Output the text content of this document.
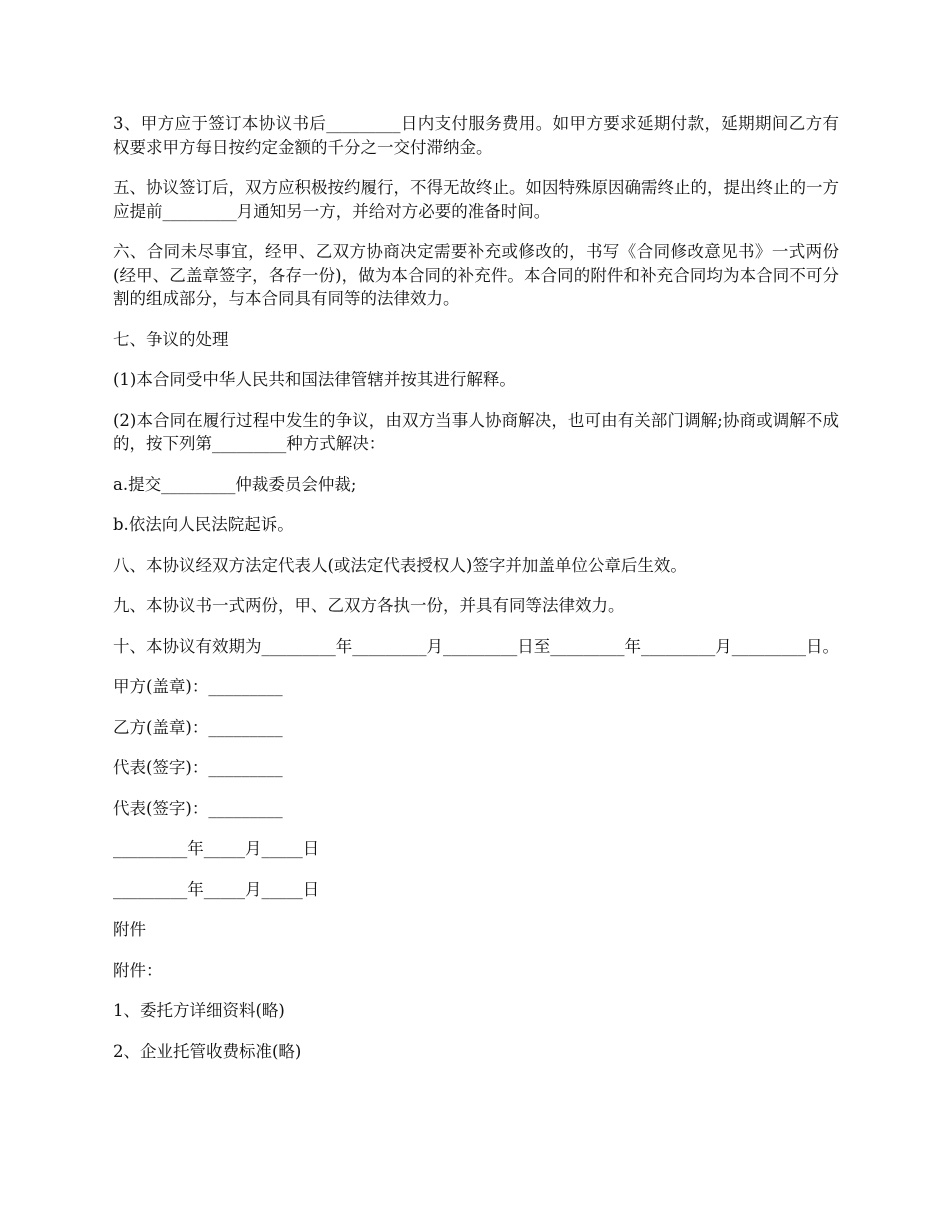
3、甲方应于签订本协议书后_________日内支付服务费用。如甲方要求延期付款，延期期间乙方有权要求甲方每日按约定金额的千分之一交付滞纳金。

五、协议签订后，双方应积极按约履行，不得无故终止。如因特殊原因确需终止的，提出终止的一方应提前_________月通知另一方，并给对方必要的准备时间。

六、合同未尽事宜，经甲、乙双方协商决定需要补充或修改的，书写《合同修改意见书》一式两份(经甲、乙盖章签字，各存一份)，做为本合同的补充件。本合同的附件和补充合同均为本合同不可分割的组成部分，与本合同具有同等的法律效力。

七、争议的处理

(1)本合同受中华人民共和国法律管辖并按其进行解释。

(2)本合同在履行过程中发生的争议，由双方当事人协商解决，也可由有关部门调解;协商或调解不成的，按下列第_________种方式解决：

a.提交_________仲裁委员会仲裁;

b.依法向人民法院起诉。

八、本协议经双方法定代表人(或法定代表授权人)签字并加盖单位公章后生效。

九、本协议书一式两份，甲、乙双方各执一份，并具有同等法律效力。

十、本协议有效期为_________年_________月_________日至_________年_________月_________日。

甲方(盖章)：_________

乙方(盖章)：_________

代表(签字)：_________

代表(签字)：_________

_________年_____月_____日

_________年_____月_____日

附件

附件：

1、委托方详细资料(略)

2、企业托管收费标准(略)
